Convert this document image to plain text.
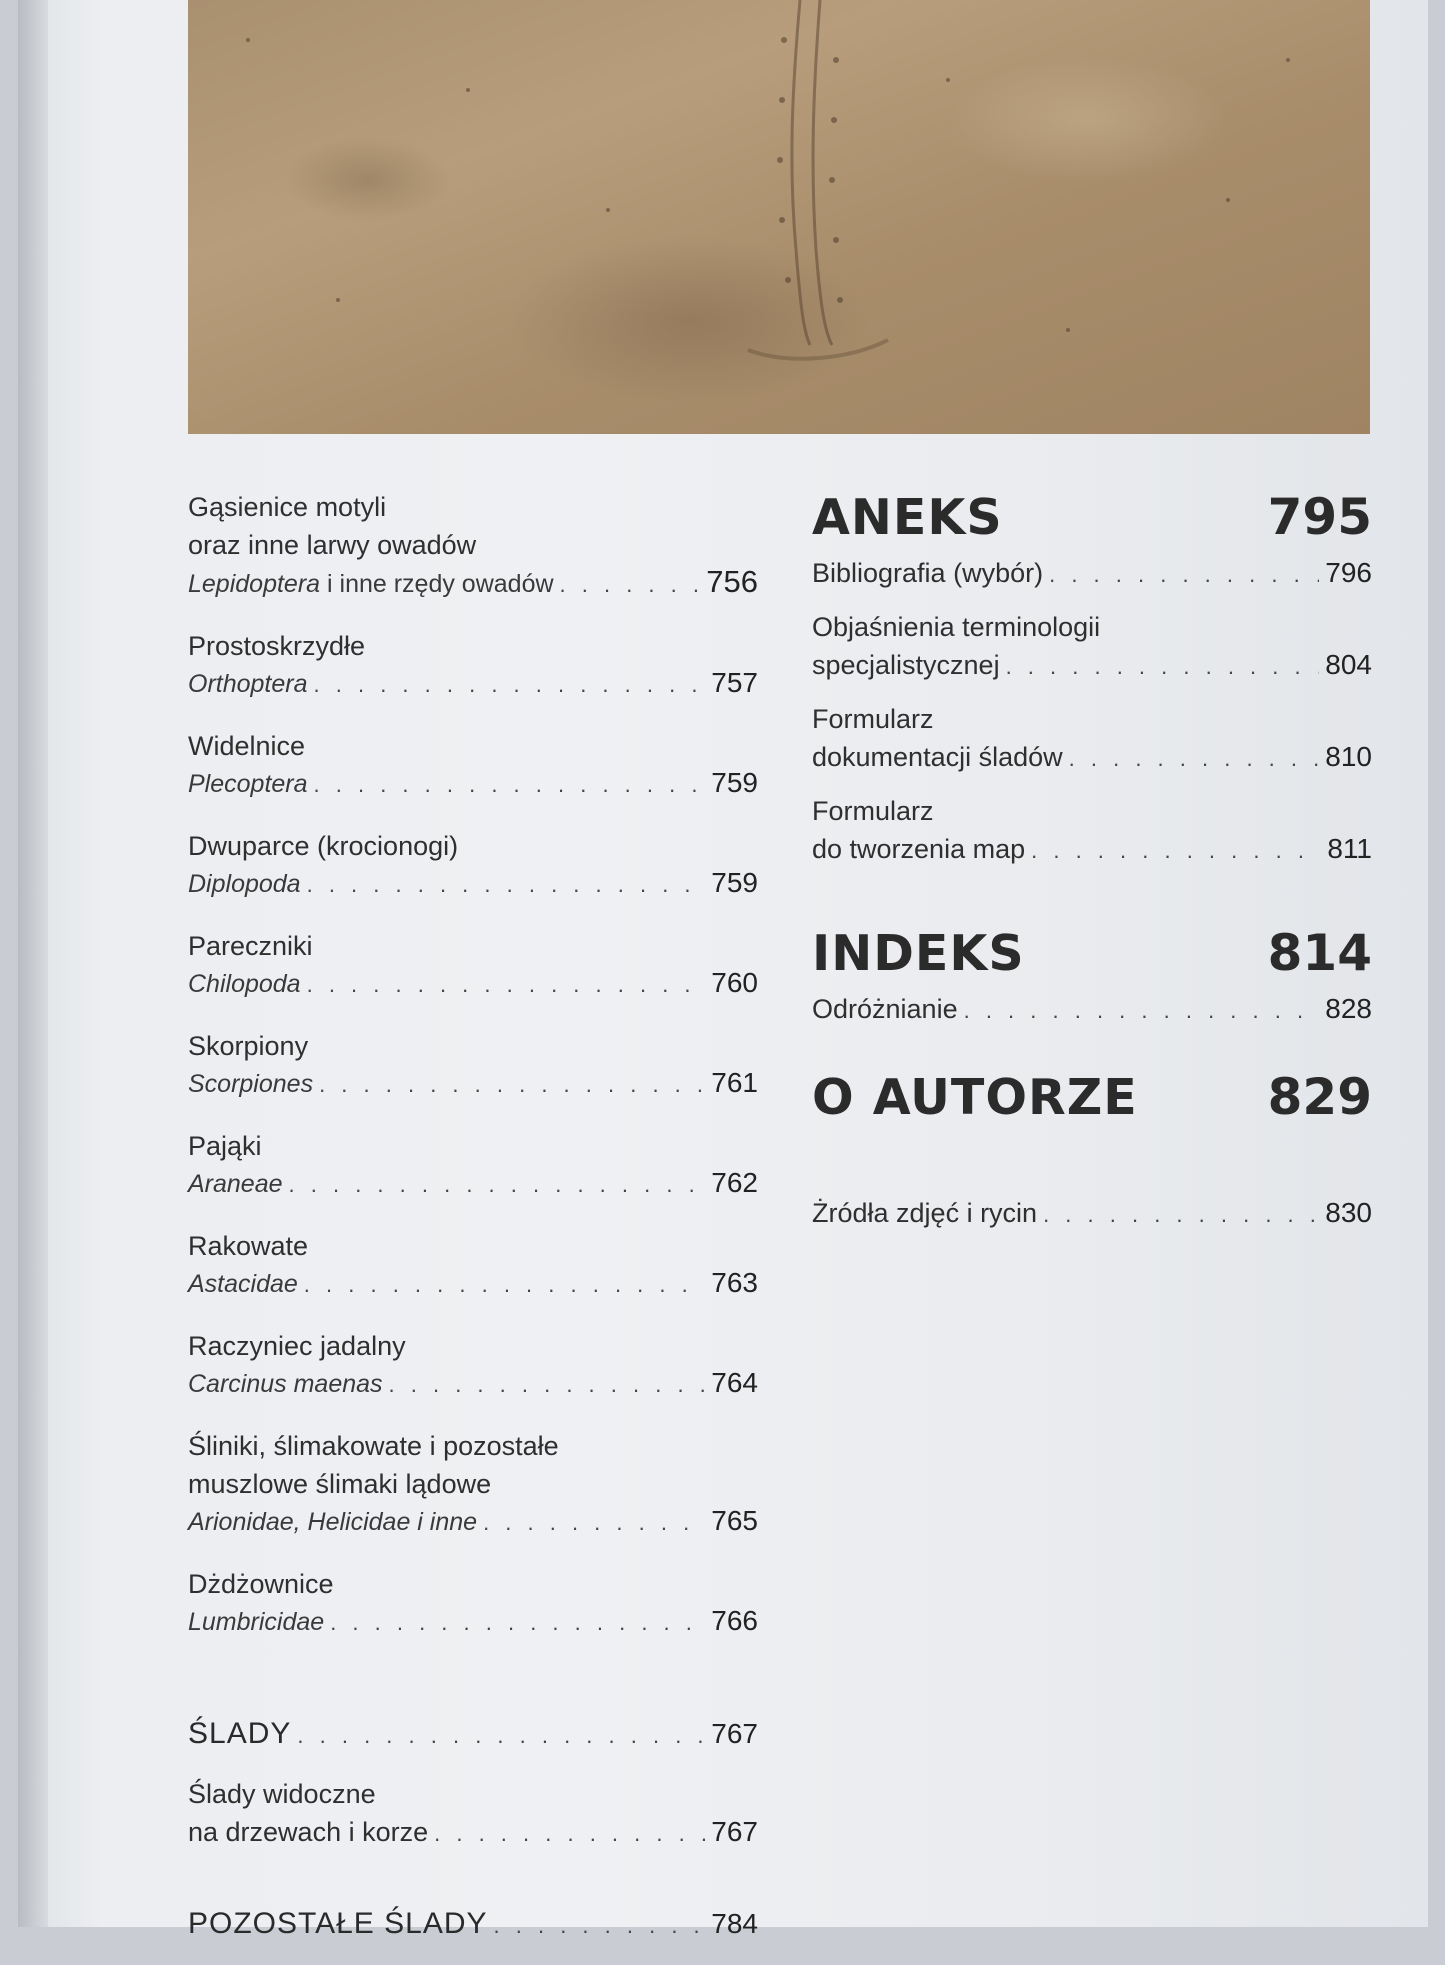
Gąsienice motyli
oraz inne larwy owadów
Lepidoptera i inne rzędy owadów . . .	756
Prostoskrzydłe
Orthoptera . . .	757
Widelnice
Plecoptera . . .	759
Dwuparce (krocionogi)
Diplopoda . . .	759
Pareczniki
Chilopoda . . .	760
Skorpiony
Scorpiones . . .	761
Pająki
Araneae . . .	762
Rakowate
Astacidae . . .	763
Raczyniec jadalny
Carcinus maenas . . .	764
Śliniki, ślimakowate i pozostałe
muszlowe ślimaki lądowe
Arionidae, Helicidae i inne . . .	765
Dżdżownice
Lumbricidae . . .	766
ŚLADY . . .	767
Ślady widoczne
na drzewach i korze . . .	767
POZOSTAŁE ŚLADY . . .	784
ANEKS	795
Bibliografia (wybór) . . .	796
Objaśnienia terminologii
specjalistycznej . . .	804
Formularz
dokumentacji śladów . . .	810
Formularz
do tworzenia map . . .	811
INDEKS	814
Odróżnianie . . .	828
O AUTORZE	829
Żródła zdjęć i rycin . . .	830
